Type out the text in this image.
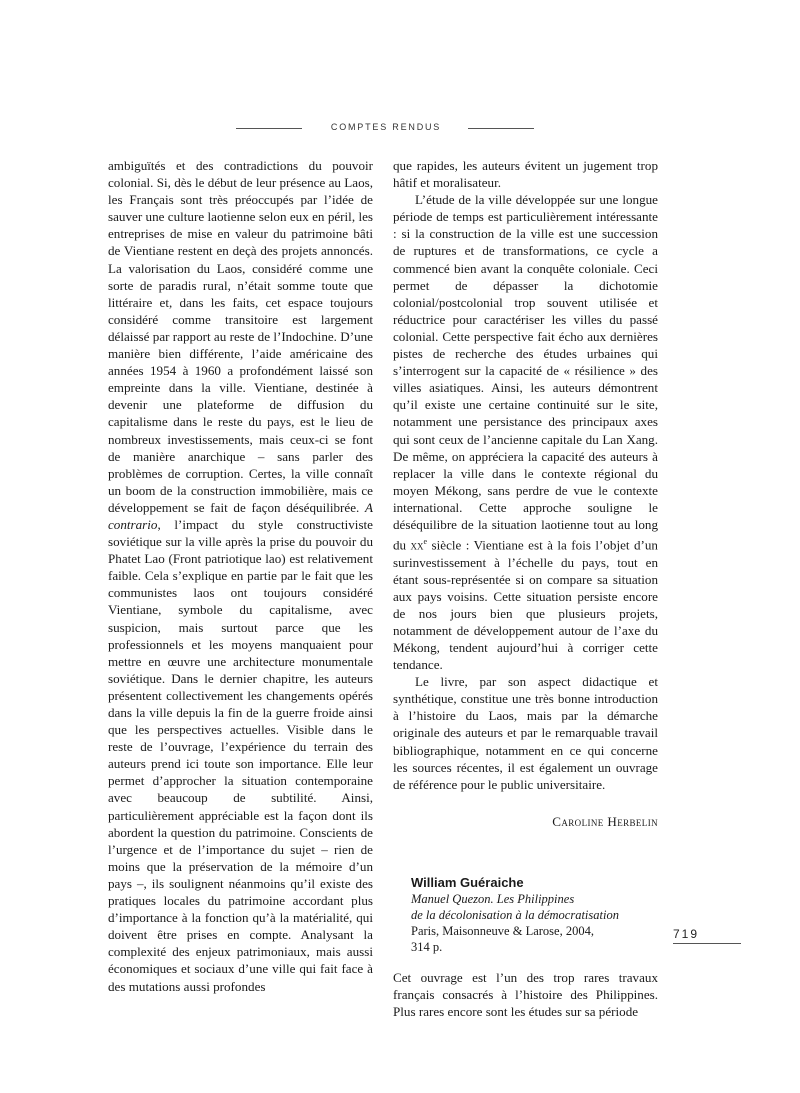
COMPTES RENDUS

ambiguïtés et des contradictions du pouvoir colonial. Si, dès le début de leur présence au Laos, les Français sont très préoccupés par l’idée de sauver une culture laotienne selon eux en péril, les entreprises de mise en valeur du patrimoine bâti de Vientiane restent en deçà des projets annoncés. La valorisation du Laos, considéré comme une sorte de paradis rural, n’était somme toute que littéraire et, dans les faits, cet espace toujours considéré comme transitoire est largement délaissé par rapport au reste de l’Indochine. D’une manière bien différente, l’aide américaine des années 1954 à 1960 a profondément laissé son empreinte dans la ville. Vientiane, destinée à devenir une plateforme de diffusion du capitalisme dans le reste du pays, est le lieu de nombreux investissements, mais ceux-ci se font de manière anarchique – sans parler des problèmes de corruption. Certes, la ville connaît un boom de la construction immobilière, mais ce développement se fait de façon déséquilibrée. A contrario, l’impact du style constructiviste soviétique sur la ville après la prise du pouvoir du Phatet Lao (Front patriotique lao) est relativement faible. Cela s’explique en partie par le fait que les communistes laos ont toujours considéré Vientiane, symbole du capitalisme, avec suspicion, mais surtout parce que les professionnels et les moyens manquaient pour mettre en œuvre une architecture monumentale soviétique. Dans le dernier chapitre, les auteurs présentent collectivement les changements opérés dans la ville depuis la fin de la guerre froide ainsi que les perspectives actuelles. Visible dans le reste de l’ouvrage, l’expérience du terrain des auteurs prend ici toute son importance. Elle leur permet d’approcher la situation contemporaine avec beaucoup de subtilité. Ainsi, particulièrement appréciable est la façon dont ils abordent la question du patrimoine. Conscients de l’urgence et de l’importance du sujet – rien de moins que la préservation de la mémoire d’un pays –, ils soulignent néanmoins qu’il existe des pratiques locales du patrimoine accordant plus d’importance à la fonction qu’à la matérialité, qui doivent être prises en compte. Analysant la complexité des enjeux patrimoniaux, mais aussi économiques et sociaux d’une ville qui fait face à des mutations aussi profondes

que rapides, les auteurs évitent un jugement trop hâtif et moralisateur.

L’étude de la ville développée sur une longue période de temps est particulièrement intéressante : si la construction de la ville est une succession de ruptures et de transformations, ce cycle a commencé bien avant la conquête coloniale. Ceci permet de dépasser la dichotomie colonial/postcolonial trop souvent utilisée et réductrice pour caractériser les villes du passé colonial. Cette perspective fait écho aux dernières pistes de recherche des études urbaines qui s’interrogent sur la capacité de « résilience » des villes asiatiques. Ainsi, les auteurs démontrent qu’il existe une certaine continuité sur le site, notamment une persistance des principaux axes qui sont ceux de l’ancienne capitale du Lan Xang. De même, on appréciera la capacité des auteurs à replacer la ville dans le contexte régional du moyen Mékong, sans perdre de vue le contexte international. Cette approche souligne le déséquilibre de la situation laotienne tout au long du $xx^e$ siècle : Vientiane est à la fois l’objet d’un surinvestissement à l’échelle du pays, tout en étant sous-représentée si on compare sa situation aux pays voisins. Cette situation persiste encore de nos jours bien que plusieurs projets, notamment de développement autour de l’axe du Mékong, tendent aujourd’hui à corriger cette tendance.

Le livre, par son aspect didactique et synthétique, constitue une très bonne introduction à l’histoire du Laos, mais par la démarche originale des auteurs et par le remarquable travail bibliographique, notamment en ce qui concerne les sources récentes, il est également un ouvrage de référence pour le public universitaire.

Caroline Herbelin
William Guéraiche
Manuel Quezon. Les Philippines
de la décolonisation à la démocratisation
Paris, Maisonneuve & Larose, 2004,
314 p.

Cet ouvrage est l’un des trop rares travaux français consacrés à l’histoire des Philippines. Plus rares encore sont les études sur sa période

719
